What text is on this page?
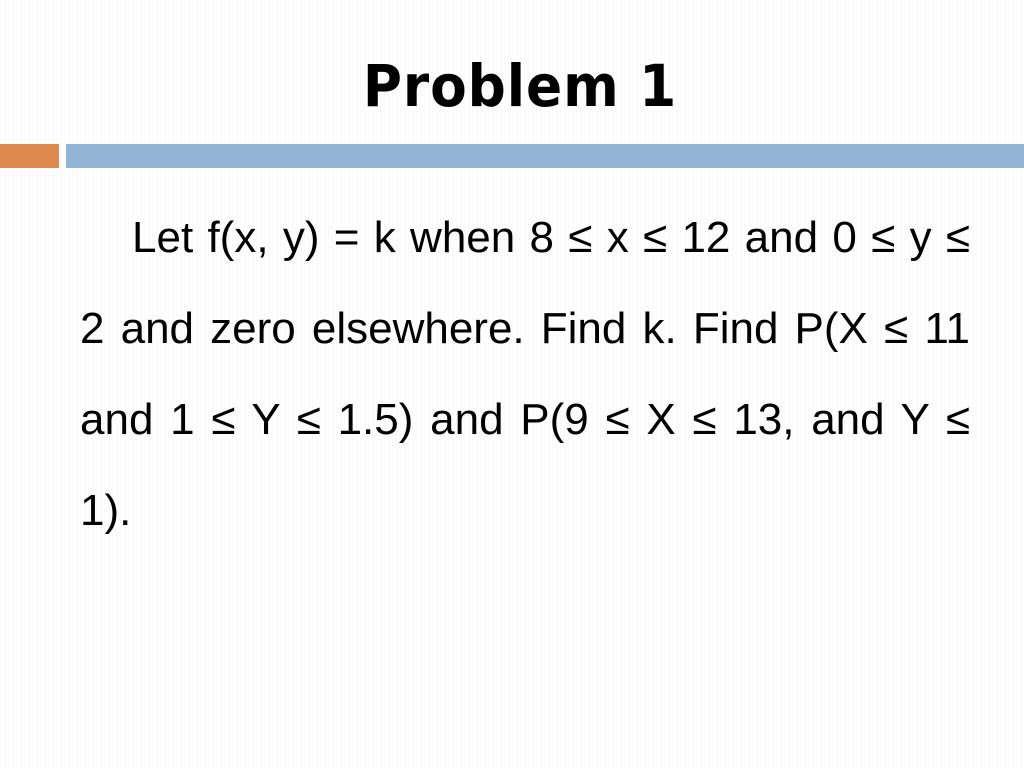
Problem 1

Let f(x, y) = k when 8 ≤ x ≤ 12 and 0 ≤ y ≤ 2 and zero elsewhere. Find k. Find P(X ≤ 11 and 1 ≤ Y ≤ 1.5) and P(9 ≤ X ≤ 13, and Y ≤ 1).
